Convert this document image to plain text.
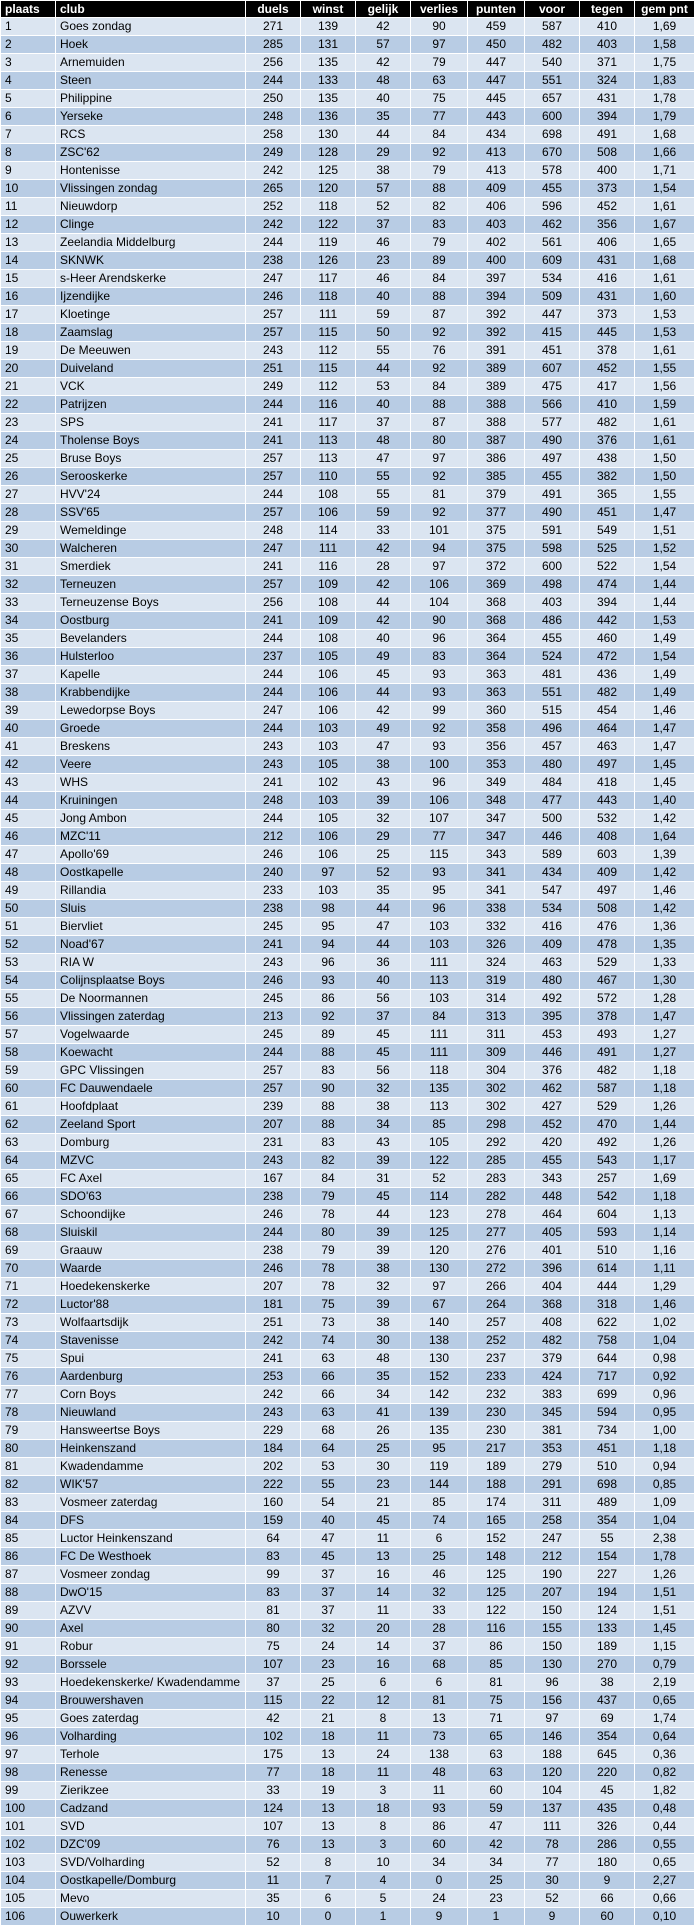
plaats	club	duels	winst	gelijk	verlies	punten	voor	tegen	gem pnt
1	Goes zondag	271	139	42	90	459	587	410	1,69
2	Hoek	285	131	57	97	450	482	403	1,58
3	Arnemuiden	256	135	42	79	447	540	371	1,75
4	Steen	244	133	48	63	447	551	324	1,83
5	Philippine	250	135	40	75	445	657	431	1,78
6	Yerseke	248	136	35	77	443	600	394	1,79
7	RCS	258	130	44	84	434	698	491	1,68
8	ZSC'62	249	128	29	92	413	670	508	1,66
9	Hontenisse	242	125	38	79	413	578	400	1,71
10	Vlissingen zondag	265	120	57	88	409	455	373	1,54
11	Nieuwdorp	252	118	52	82	406	596	452	1,61
12	Clinge	242	122	37	83	403	462	356	1,67
13	Zeelandia Middelburg	244	119	46	79	402	561	406	1,65
14	SKNWK	238	126	23	89	400	609	431	1,68
15	s-Heer Arendskerke	247	117	46	84	397	534	416	1,61
16	Ijzendijke	246	118	40	88	394	509	431	1,60
17	Kloetinge	257	111	59	87	392	447	373	1,53
18	Zaamslag	257	115	50	92	392	415	445	1,53
19	De Meeuwen	243	112	55	76	391	451	378	1,61
20	Duiveland	251	115	44	92	389	607	452	1,55
21	VCK	249	112	53	84	389	475	417	1,56
22	Patrijzen	244	116	40	88	388	566	410	1,59
23	SPS	241	117	37	87	388	577	482	1,61
24	Tholense Boys	241	113	48	80	387	490	376	1,61
25	Bruse Boys	257	113	47	97	386	497	438	1,50
26	Serooskerke	257	110	55	92	385	455	382	1,50
27	HVV'24	244	108	55	81	379	491	365	1,55
28	SSV'65	257	106	59	92	377	490	451	1,47
29	Wemeldinge	248	114	33	101	375	591	549	1,51
30	Walcheren	247	111	42	94	375	598	525	1,52
31	Smerdiek	241	116	28	97	372	600	522	1,54
32	Terneuzen	257	109	42	106	369	498	474	1,44
33	Terneuzense Boys	256	108	44	104	368	403	394	1,44
34	Oostburg	241	109	42	90	368	486	442	1,53
35	Bevelanders	244	108	40	96	364	455	460	1,49
36	Hulsterloo	237	105	49	83	364	524	472	1,54
37	Kapelle	244	106	45	93	363	481	436	1,49
38	Krabbendijke	244	106	44	93	363	551	482	1,49
39	Lewedorpse Boys	247	106	42	99	360	515	454	1,46
40	Groede	244	103	49	92	358	496	464	1,47
41	Breskens	243	103	47	93	356	457	463	1,47
42	Veere	243	105	38	100	353	480	497	1,45
43	WHS	241	102	43	96	349	484	418	1,45
44	Kruiningen	248	103	39	106	348	477	443	1,40
45	Jong Ambon	244	105	32	107	347	500	532	1,42
46	MZC'11	212	106	29	77	347	446	408	1,64
47	Apollo'69	246	106	25	115	343	589	603	1,39
48	Oostkapelle	240	97	52	93	341	434	409	1,42
49	Rillandia	233	103	35	95	341	547	497	1,46
50	Sluis	238	98	44	96	338	534	508	1,42
51	Biervliet	245	95	47	103	332	416	476	1,36
52	Noad'67	241	94	44	103	326	409	478	1,35
53	RIA W	243	96	36	111	324	463	529	1,33
54	Colijnsplaatse Boys	246	93	40	113	319	480	467	1,30
55	De Noormannen	245	86	56	103	314	492	572	1,28
56	Vlissingen zaterdag	213	92	37	84	313	395	378	1,47
57	Vogelwaarde	245	89	45	111	311	453	493	1,27
58	Koewacht	244	88	45	111	309	446	491	1,27
59	GPC Vlissingen	257	83	56	118	304	376	482	1,18
60	FC Dauwendaele	257	90	32	135	302	462	587	1,18
61	Hoofdplaat	239	88	38	113	302	427	529	1,26
62	Zeeland Sport	207	88	34	85	298	452	470	1,44
63	Domburg	231	83	43	105	292	420	492	1,26
64	MZVC	243	82	39	122	285	455	543	1,17
65	FC Axel	167	84	31	52	283	343	257	1,69
66	SDO'63	238	79	45	114	282	448	542	1,18
67	Schoondijke	246	78	44	123	278	464	604	1,13
68	Sluiskil	244	80	39	125	277	405	593	1,14
69	Graauw	238	79	39	120	276	401	510	1,16
70	Waarde	246	78	38	130	272	396	614	1,11
71	Hoedekenskerke	207	78	32	97	266	404	444	1,29
72	Luctor'88	181	75	39	67	264	368	318	1,46
73	Wolfaartsdijk	251	73	38	140	257	408	622	1,02
74	Stavenisse	242	74	30	138	252	482	758	1,04
75	Spui	241	63	48	130	237	379	644	0,98
76	Aardenburg	253	66	35	152	233	424	717	0,92
77	Corn Boys	242	66	34	142	232	383	699	0,96
78	Nieuwland	243	63	41	139	230	345	594	0,95
79	Hansweertse Boys	229	68	26	135	230	381	734	1,00
80	Heinkenszand	184	64	25	95	217	353	451	1,18
81	Kwadendamme	202	53	30	119	189	279	510	0,94
82	WIK'57	222	55	23	144	188	291	698	0,85
83	Vosmeer zaterdag	160	54	21	85	174	311	489	1,09
84	DFS	159	40	45	74	165	258	354	1,04
85	Luctor Heinkenszand	64	47	11	6	152	247	55	2,38
86	FC De Westhoek	83	45	13	25	148	212	154	1,78
87	Vosmeer zondag	99	37	16	46	125	190	227	1,26
88	DwO'15	83	37	14	32	125	207	194	1,51
89	AZVV	81	37	11	33	122	150	124	1,51
90	Axel	80	32	20	28	116	155	133	1,45
91	Robur	75	24	14	37	86	150	189	1,15
92	Borssele	107	23	16	68	85	130	270	0,79
93	Hoedekenskerke/ Kwadendamme	37	25	6	6	81	96	38	2,19
94	Brouwershaven	115	22	12	81	75	156	437	0,65
95	Goes zaterdag	42	21	8	13	71	97	69	1,74
96	Volharding	102	18	11	73	65	146	354	0,64
97	Terhole	175	13	24	138	63	188	645	0,36
98	Renesse	77	18	11	48	63	120	220	0,82
99	Zierikzee	33	19	3	11	60	104	45	1,82
100	Cadzand	124	13	18	93	59	137	435	0,48
101	SVD	107	13	8	86	47	111	326	0,44
102	DZC'09	76	13	3	60	42	78	286	0,55
103	SVD/Volharding	52	8	10	34	34	77	180	0,65
104	Oostkapelle/Domburg	11	7	4	0	25	30	9	2,27
105	Mevo	35	6	5	24	23	52	66	0,66
106	Ouwerkerk	10	0	1	9	1	9	60	0,10
